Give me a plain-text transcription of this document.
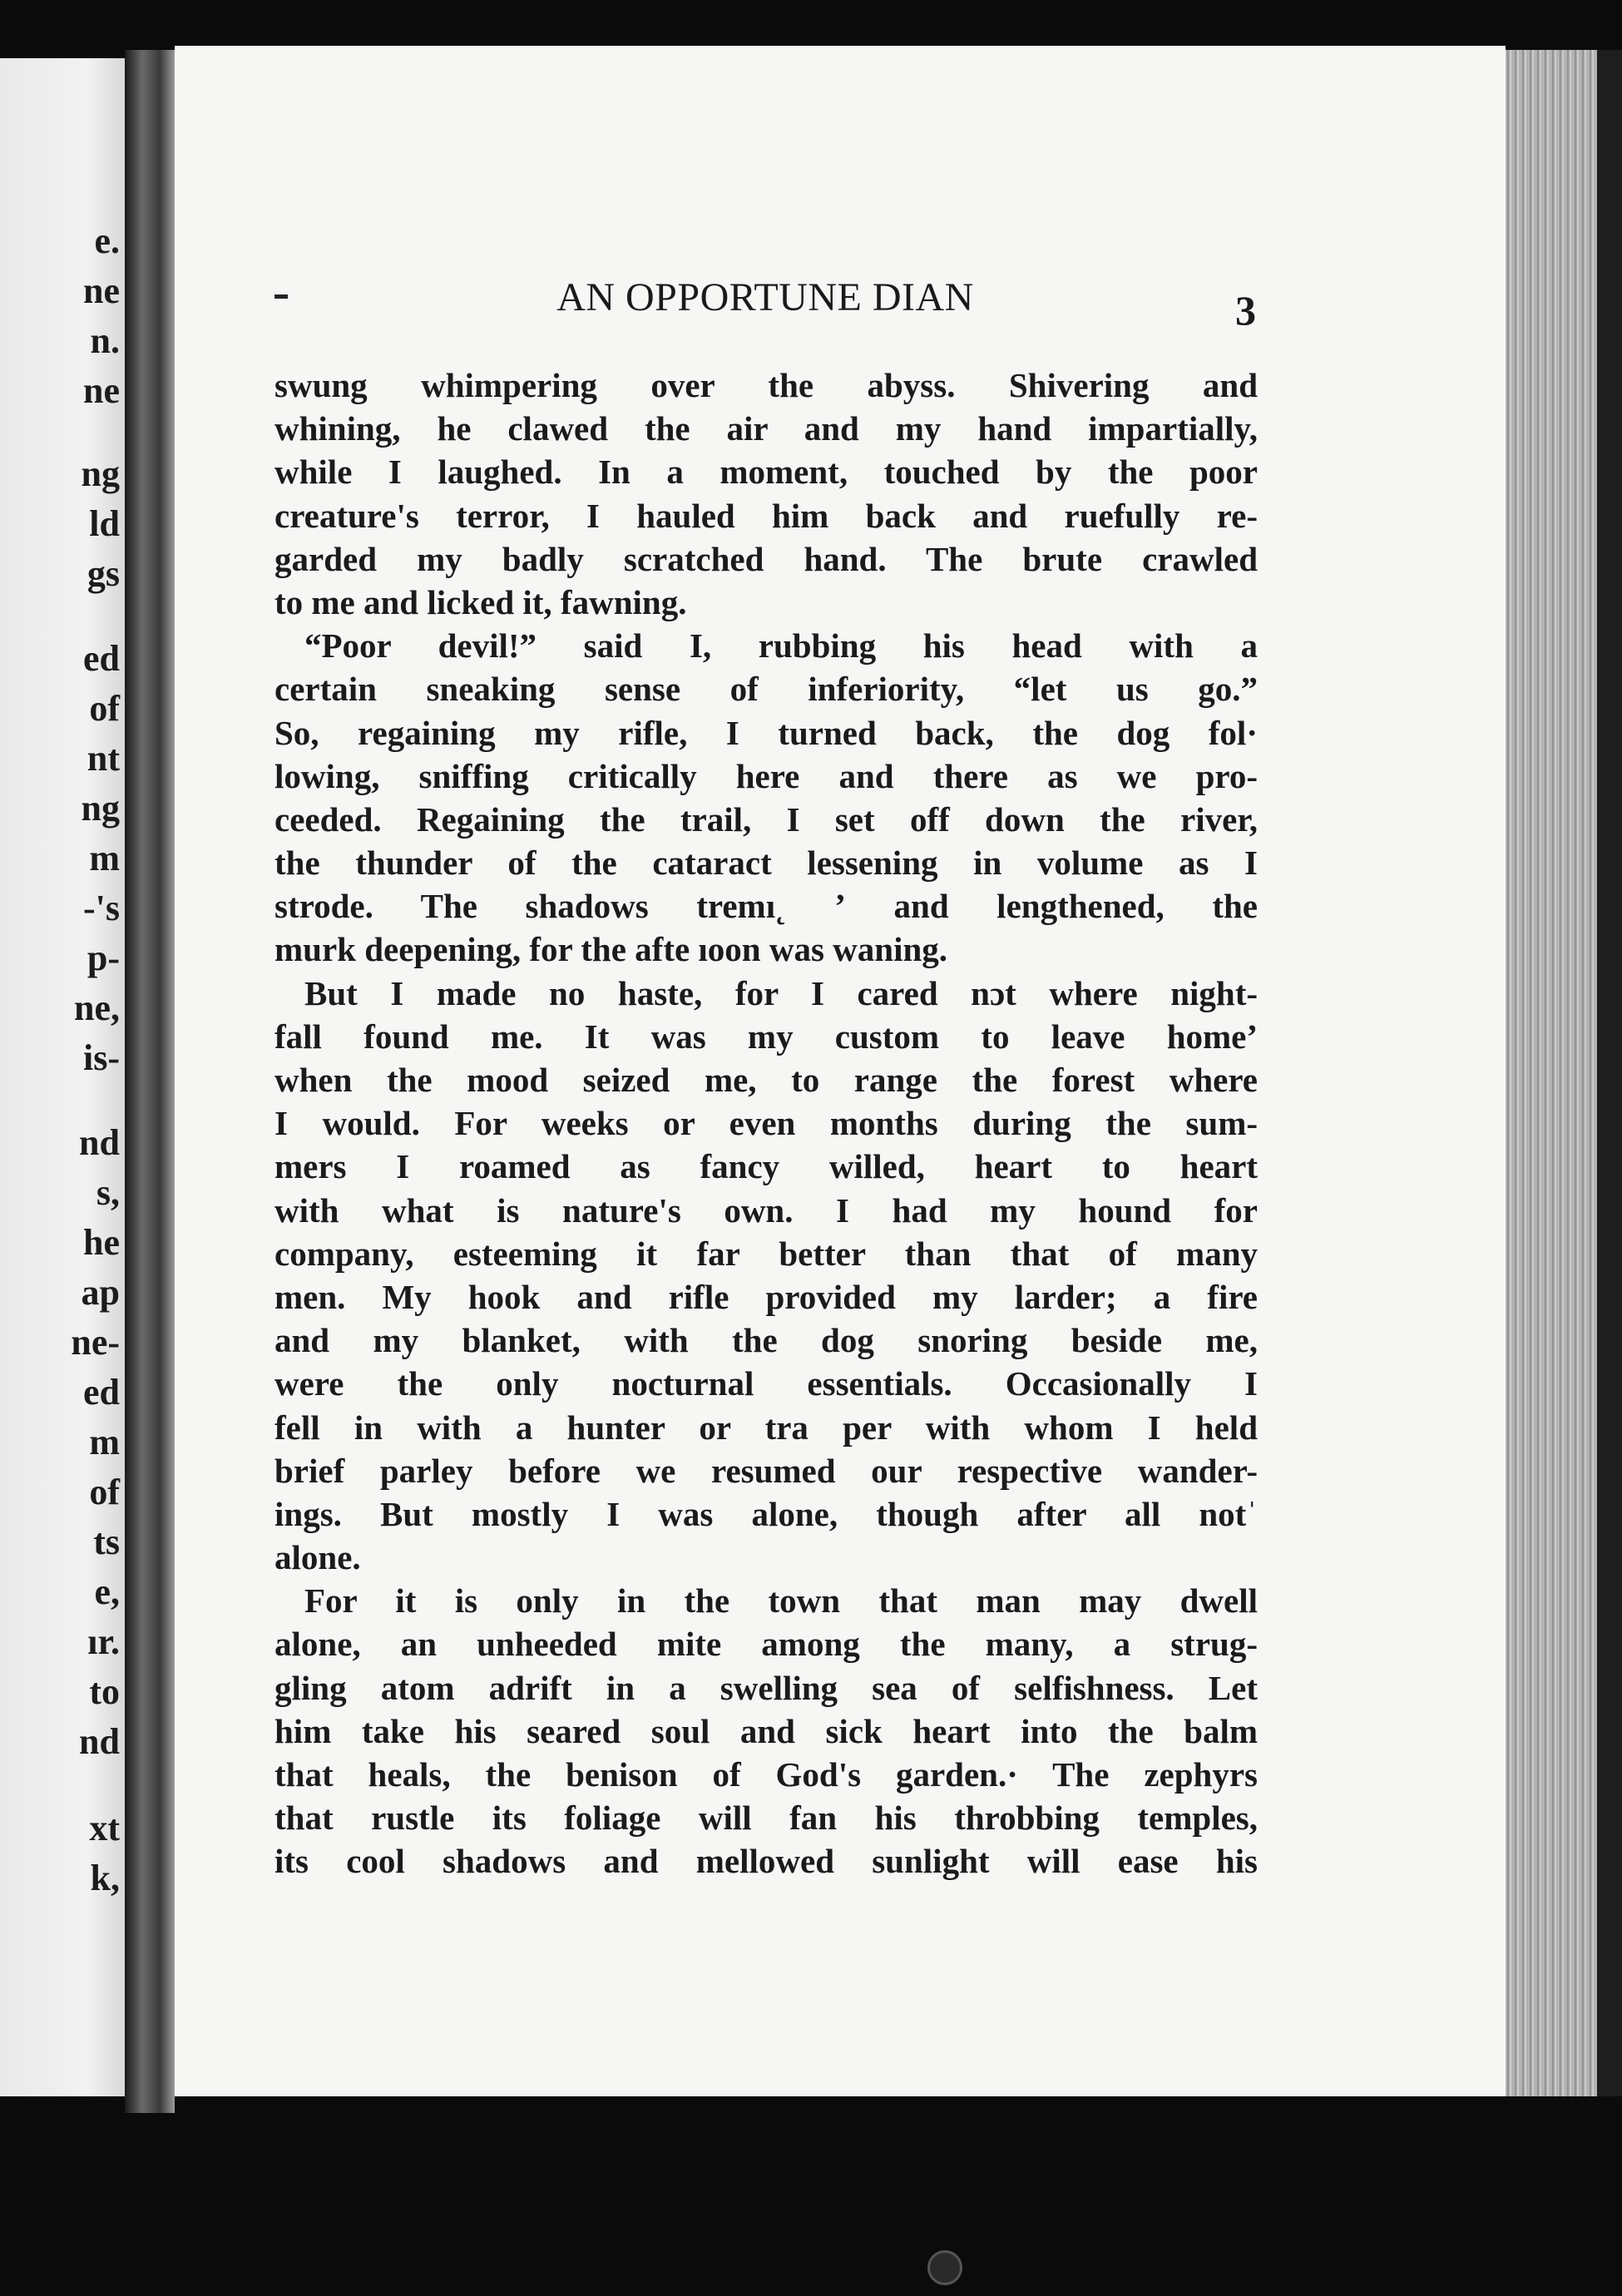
e.
ne
n.
ne
ng
ld
gs
ed
of
nt
ng
m
-'s
p-
ne,
is-
nd
s,
he
ap
ne-
ed
m
of
ts
e,
ır.
to
nd
xt
k,
AN OPPORTUNE DIAN	3
swung whimpering over the abyss. Shivering and
whining, he clawed the air and my hand impartially,
while I laughed. In a moment, touched by the poor
creature's terror, I hauled him back and ruefully re-
garded my badly scratched hand. The brute crawled
to me and licked it, fawning.
“Poor devil!” said I, rubbing his head with a
certain sneaking sense of inferiority, “let us go.”
So, regaining my rifle, I turned back, the dog fol·
lowing, sniffing critically here and there as we pro-
ceeded. Regaining the trail, I set off down the river,
the thunder of the cataract lessening in volume as I
strode. The shadows tremı˛ ʼ and lengthened, the
murk deepening, for the afte ıoon was waning.
But I made no haste, for I cared nɔt where night-
fall found me. It was my custom to leave homeʼ
when the mood seized me, to range the forest where
I would. For weeks or even months during the sum-
mers I roamed as fancy willed, heart to heart
with what is nature's own. I had my hound for
company, esteeming it far better than that of many
men. My hook and rifle provided my larder; a fire
and my blanket, with the dog snoring beside me,
were the only nocturnal essentials. Occasionally I
fell in with a hunter or tra per with whom I held
brief parley before we resumed our respective wander-
ings. But mostly I was alone, though after all notˈ
alone.
For it is only in the town that man may dwell
alone, an unheeded mite among the many, a strug-
gling atom adrift in a swelling sea of selfishness. Let
him take his seared soul and sick heart into the balm
that heals, the benison of God's garden.· The zephyrs
that rustle its foliage will fan his throbbing temples,
its cool shadows and mellowed sunlight will ease his
